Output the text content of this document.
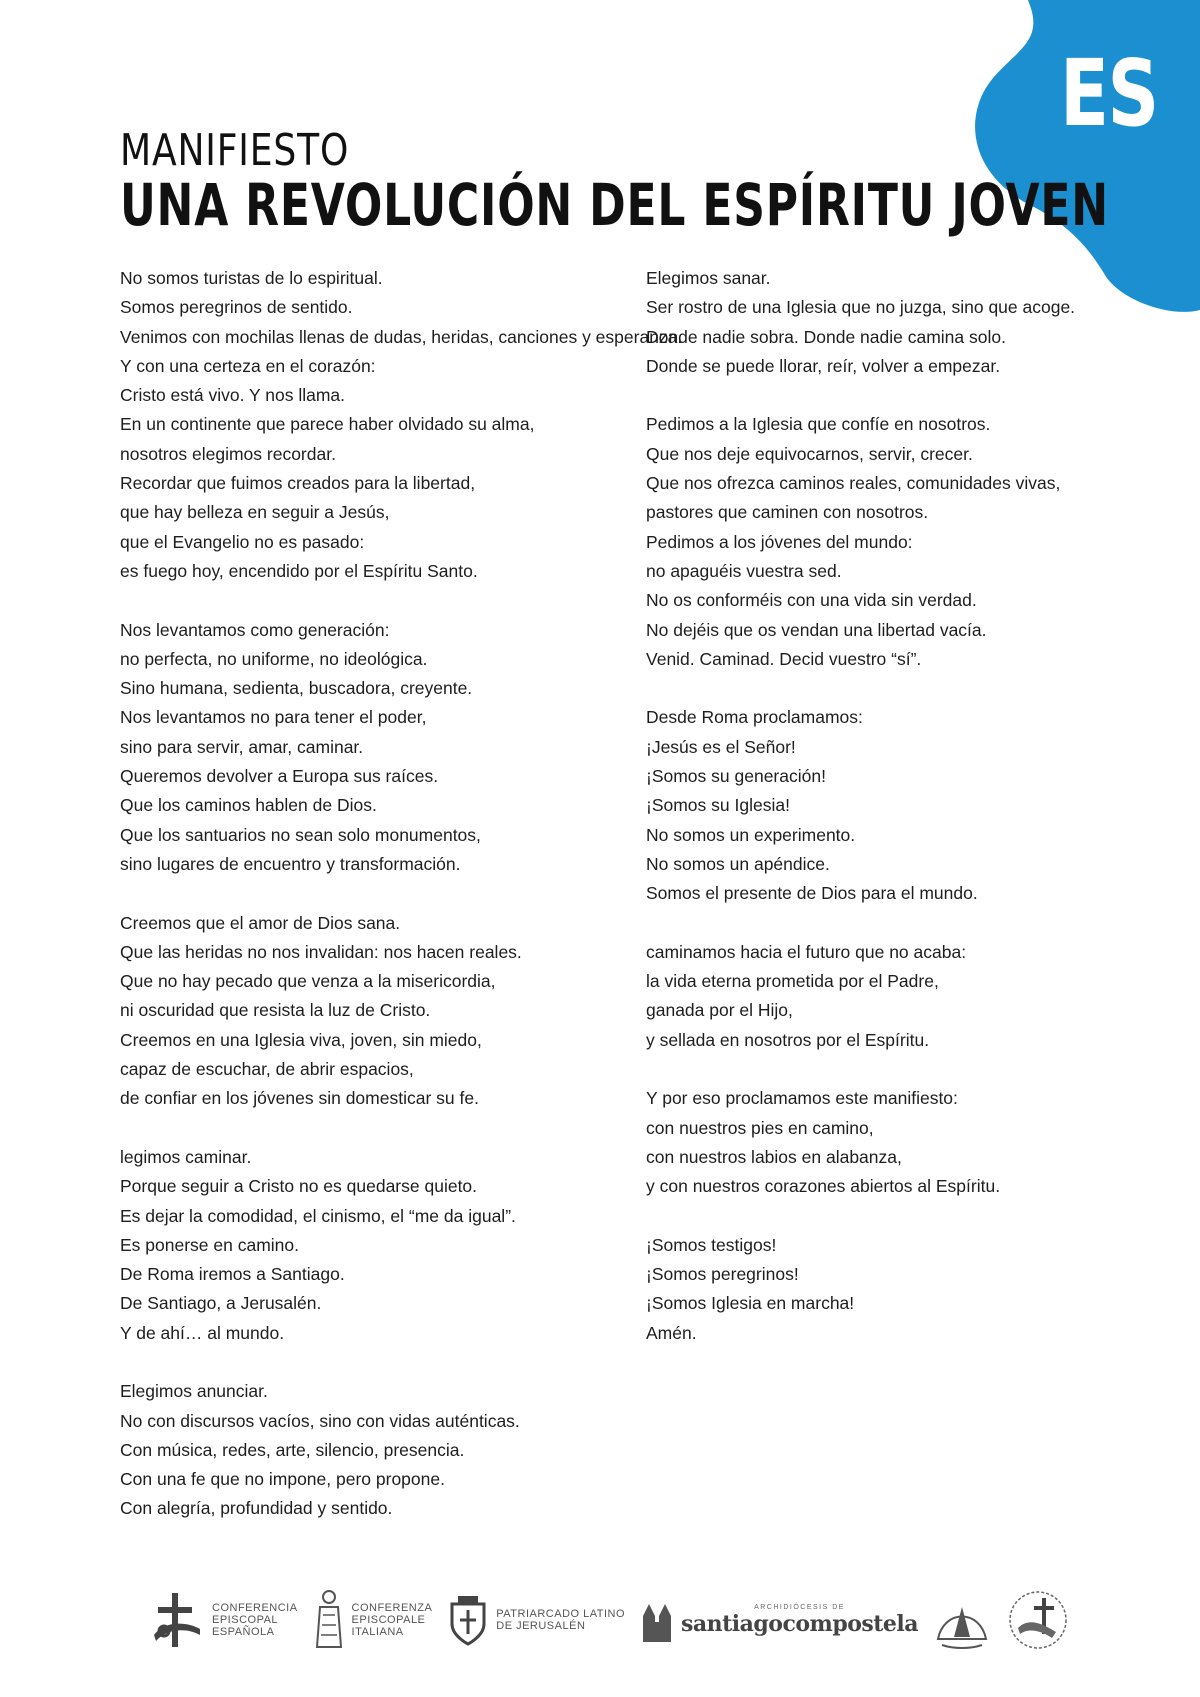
ES
MANIFIESTO
UNA REVOLUCIÓN DEL ESPÍRITU JOVEN
No somos turistas de lo espiritual.
Somos peregrinos de sentido.
Venimos con mochilas llenas de dudas, heridas, canciones y esperanza.
Y con una certeza en el corazón:
Cristo está vivo. Y nos llama.
En un continente que parece haber olvidado su alma,
nosotros elegimos recordar.
Recordar que fuimos creados para la libertad,
que hay belleza en seguir a Jesús,
que el Evangelio no es pasado:
es fuego hoy, encendido por el Espíritu Santo.
Nos levantamos como generación:
no perfecta, no uniforme, no ideológica.
Sino humana, sedienta, buscadora, creyente.
Nos levantamos no para tener el poder,
sino para servir, amar, caminar.
Queremos devolver a Europa sus raíces.
Que los caminos hablen de Dios.
Que los santuarios no sean solo monumentos,
sino lugares de encuentro y transformación.
Creemos que el amor de Dios sana.
Que las heridas no nos invalidan: nos hacen reales.
Que no hay pecado que venza a la misericordia,
ni oscuridad que resista la luz de Cristo.
Creemos en una Iglesia viva, joven, sin miedo,
capaz de escuchar, de abrir espacios,
de confiar en los jóvenes sin domesticar su fe.
legimos caminar.
Porque seguir a Cristo no es quedarse quieto.
Es dejar la comodidad, el cinismo, el “me da igual”.
Es ponerse en camino.
De Roma iremos a Santiago.
De Santiago, a Jerusalén.
Y de ahí… al mundo.
Elegimos anunciar.
No con discursos vacíos, sino con vidas auténticas.
Con música, redes, arte, silencio, presencia.
Con una fe que no impone, pero propone.
Con alegría, profundidad y sentido.
Elegimos sanar.
Ser rostro de una Iglesia que no juzga, sino que acoge.
Donde nadie sobra. Donde nadie camina solo.
Donde se puede llorar, reír, volver a empezar.
Pedimos a la Iglesia que confíe en nosotros.
Que nos deje equivocarnos, servir, crecer.
Que nos ofrezca caminos reales, comunidades vivas,
pastores que caminen con nosotros.
Pedimos a los jóvenes del mundo:
no apaguéis vuestra sed.
No os conforméis con una vida sin verdad.
No dejéis que os vendan una libertad vacía.
Venid. Caminad. Decid vuestro “sí”.
Desde Roma proclamamos:
¡Jesús es el Señor!
¡Somos su generación!
¡Somos su Iglesia!
No somos un experimento.
No somos un apéndice.
Somos el presente de Dios para el mundo.
caminamos hacia el futuro que no acaba:
la vida eterna prometida por el Padre,
ganada por el Hijo,
y sellada en nosotros por el Espíritu.
Y por eso proclamamos este manifiesto:
con nuestros pies en camino,
con nuestros labios en alabanza,
y con nuestros corazones abiertos al Espíritu.
¡Somos testigos!
¡Somos peregrinos!
¡Somos Iglesia en marcha!
Amén.
CONFERENCIA
EPISCOPAL
ESPAÑOLA
CONFERENZA
EPISCOPALE
ITALIANA
PATRIARCADO LATINO
DE JERUSALÉN
ARCHIDIÓCESIS DE
santiagocompostela
